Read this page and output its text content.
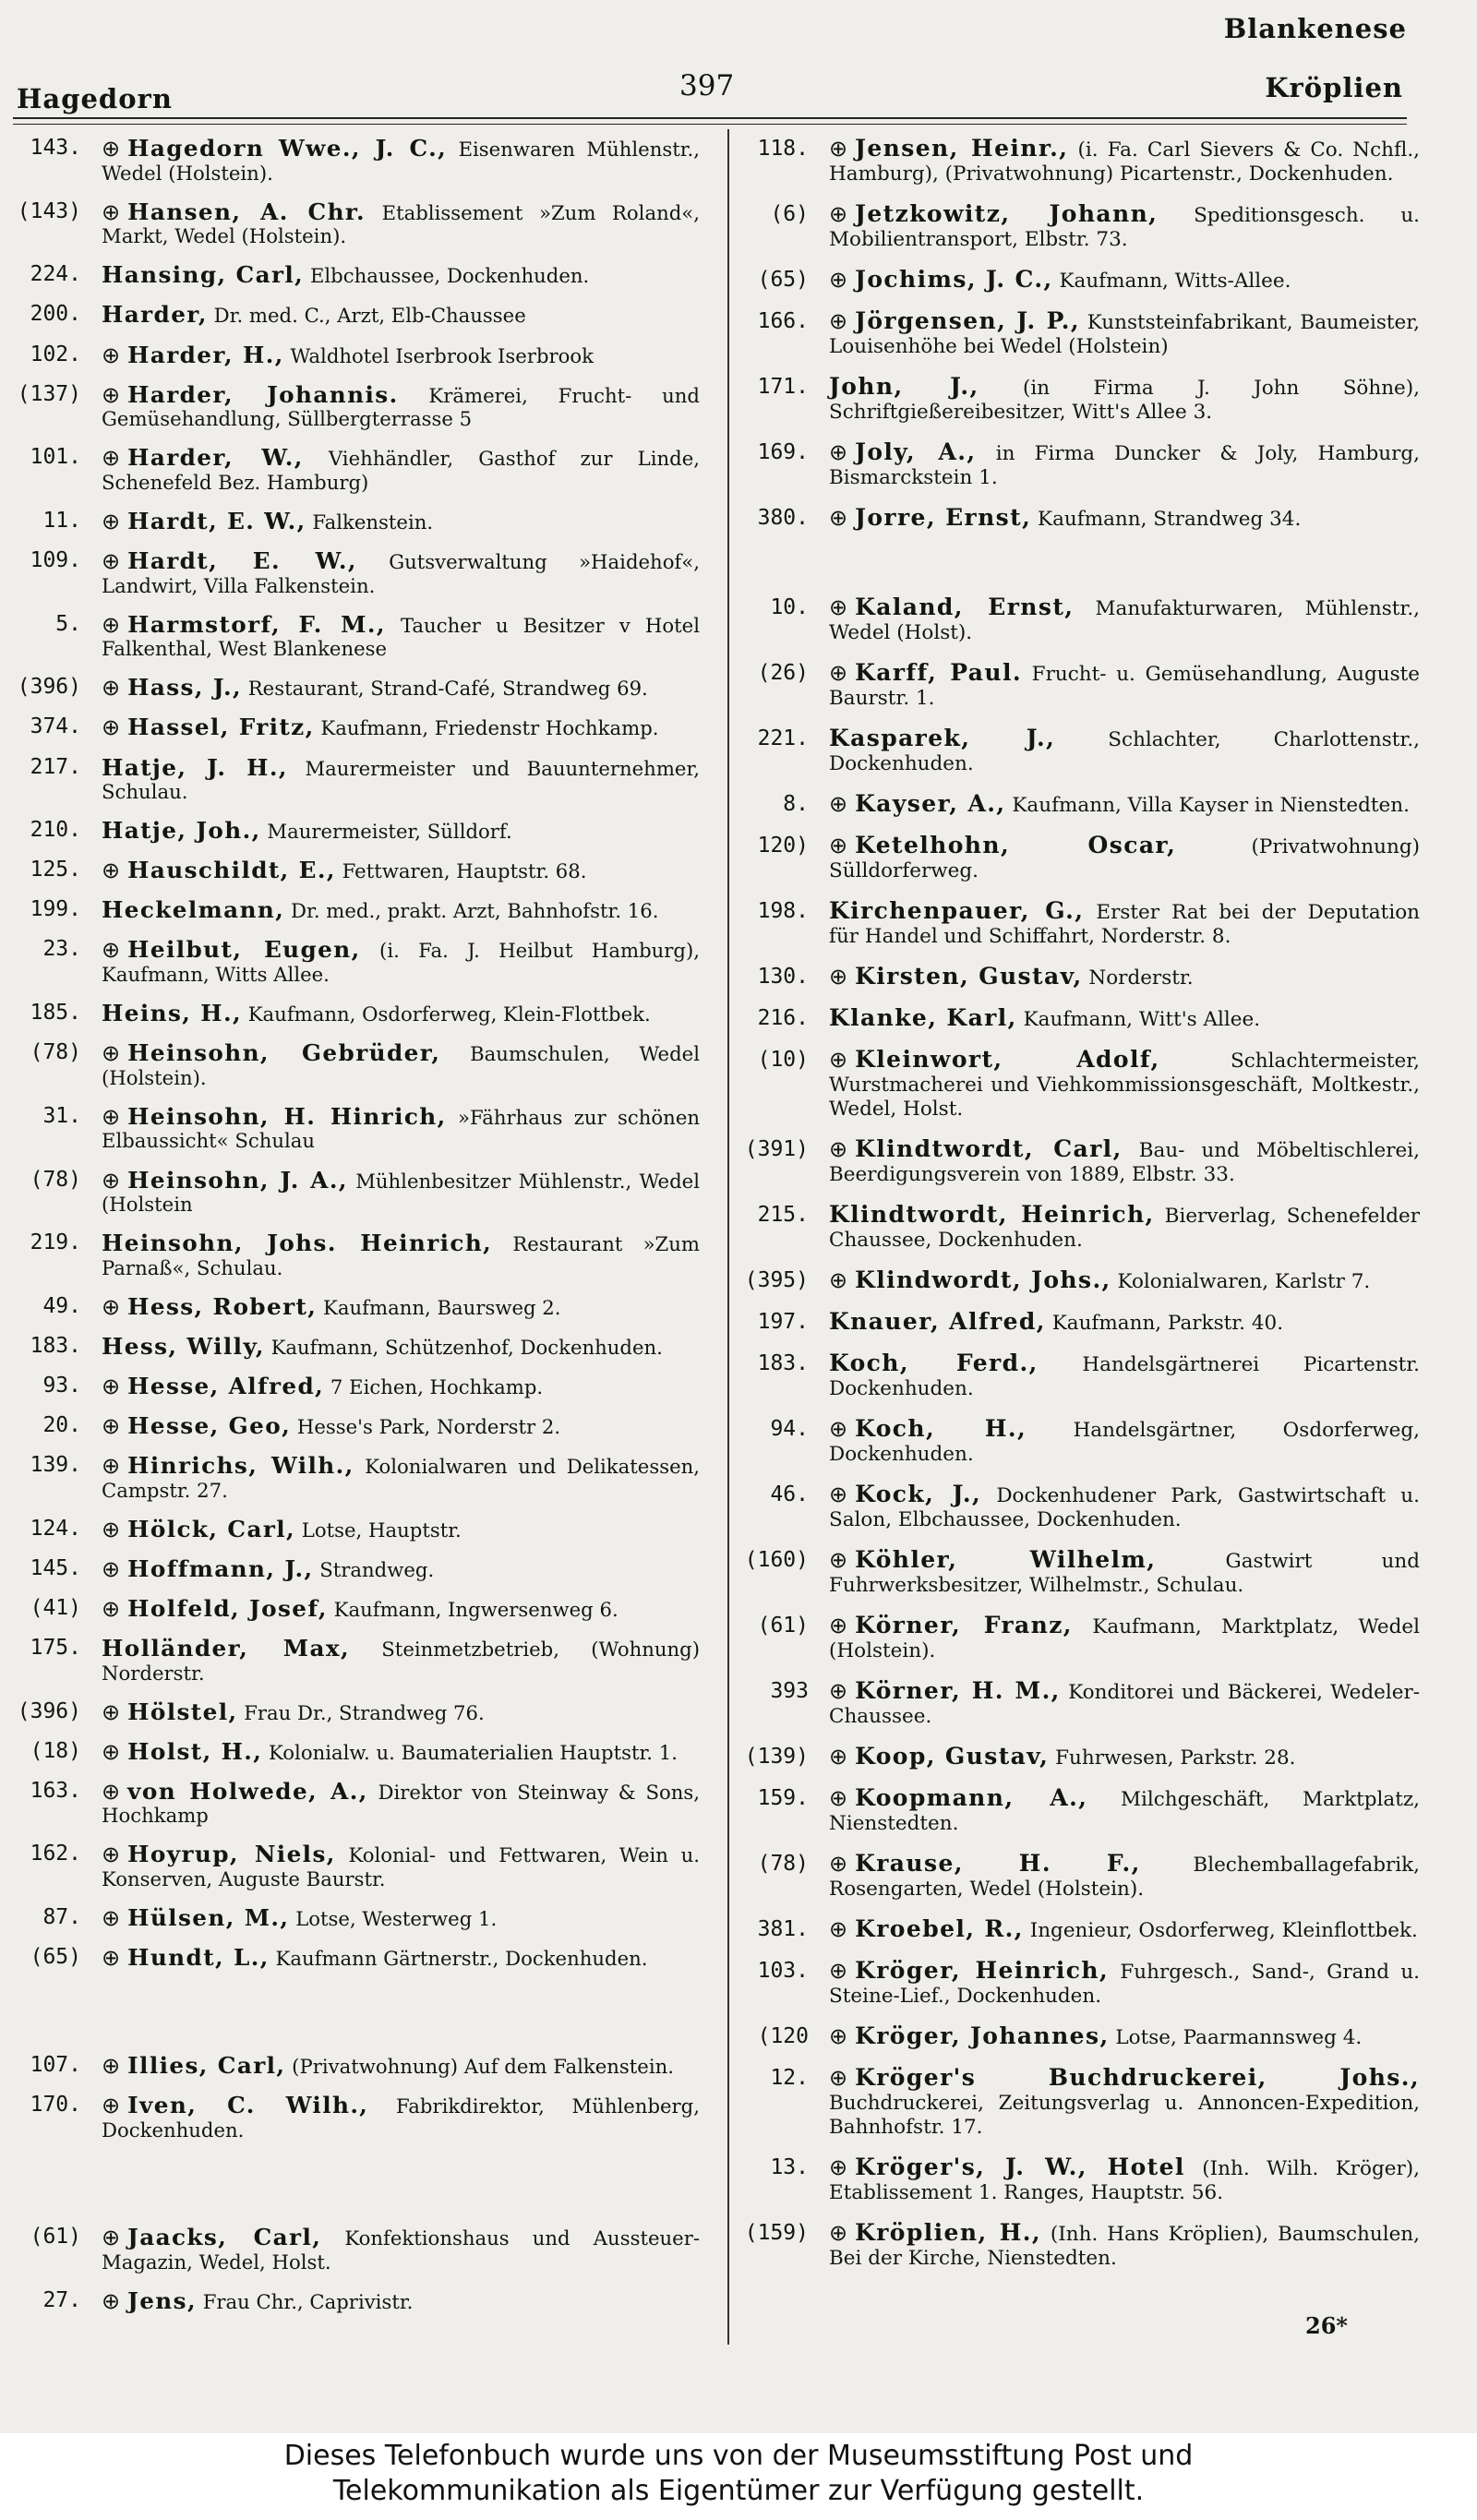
Hagedorn	397
Blankenese
Kröplien
143. ⊕ Hagedorn Wwe., J. C., Eisenwaren Mühlenstr., Wedel (Holstein).
(143) ⊕ Hansen, A. Chr. Etablissement »Zum Roland«, Markt, Wedel (Holstein).
224. Hansing, Carl, Elbchaussee, Dockenhuden.
200. Harder, Dr. med. C., Arzt, Elb-Chaussee
102. ⊕ Harder, H., Waldhotel Iserbrook Iserbrook
(137) ⊕ Harder, Johannis. Krämerei, Frucht- und Gemüsehandlung, Süllbergterrasse 5
101. ⊕ Harder, W., Viehhändler, Gasthof zur Linde, Schenefeld Bez. Hamburg)
11. ⊕ Hardt, E. W., Falkenstein.
109. ⊕ Hardt, E. W., Gutsverwaltung »Haidehof«, Landwirt, Villa Falkenstein.
5. ⊕ Harmstorf, F. M., Taucher u Besitzer v Hotel Falkenthal, West Blankenese
(396) ⊕ Hass, J., Restaurant, Strand-Café, Strandweg 69.
374. ⊕ Hassel, Fritz, Kaufmann, Friedenstr Hochkamp.
217. Hatje, J. H., Maurermeister und Bauunternehmer, Schulau.
210. Hatje, Joh., Maurermeister, Sülldorf.
125. ⊕ Hauschildt, E., Fettwaren, Hauptstr. 68.
199. Heckelmann, Dr. med., prakt. Arzt, Bahnhofstr. 16.
23. ⊕ Heilbut, Eugen, (i. Fa. J. Heilbut Hamburg), Kaufmann, Witts Allee.
185. Heins, H., Kaufmann, Osdorferweg, Klein-Flottbek.
(78) ⊕ Heinsohn, Gebrüder, Baumschulen, Wedel (Holstein).
31. ⊕ Heinsohn, H. Hinrich, »Fährhaus zur schönen Elbaussicht« Schulau
(78) ⊕ Heinsohn, J. A., Mühlenbesitzer Mühlenstr., Wedel (Holstein
219. Heinsohn, Johs. Heinrich, Restaurant »Zum Parnaß«, Schulau.
49. ⊕ Hess, Robert, Kaufmann, Baursweg 2.
183. Hess, Willy, Kaufmann, Schützenhof, Dockenhuden.
93. ⊕ Hesse, Alfred, 7 Eichen, Hochkamp.
20. ⊕ Hesse, Geo, Hesse's Park, Norderstr 2.
139. ⊕ Hinrichs, Wilh., Kolonialwaren und Delikatessen, Campstr. 27.
124. ⊕ Hölck, Carl, Lotse, Hauptstr.
145. ⊕ Hoffmann, J., Strandweg.
(41) ⊕ Holfeld, Josef, Kaufmann, Ingwersenweg 6.
175. Holländer, Max, Steinmetzbetrieb, (Wohnung) Norderstr.
(396) ⊕ Hölstel, Frau Dr., Strandweg 76.
(18) ⊕ Holst, H., Kolonialw. u. Baumaterialien Hauptstr. 1.
163. ⊕ von Holwede, A., Direktor von Steinway & Sons, Hochkamp
162. ⊕ Hoyrup, Niels, Kolonial- und Fettwaren, Wein u. Konserven, Auguste Baurstr.
87. ⊕ Hülsen, M., Lotse, Westerweg 1.
(65) ⊕ Hundt, L., Kaufmann Gärtnerstr., Dockenhuden.
107. ⊕ Illies, Carl, (Privatwohnung) Auf dem Falkenstein.
170. ⊕ Iven, C. Wilh., Fabrikdirektor, Mühlenberg, Dockenhuden.
(61) ⊕ Jaacks, Carl, Konfektionshaus und Aussteuer-Magazin, Wedel, Holst.
27. ⊕ Jens, Frau Chr., Caprivistr.
118. ⊕ Jensen, Heinr., (i. Fa. Carl Sievers & Co. Nchfl., Hamburg), (Privatwohnung) Picartenstr., Dockenhuden.
(6) ⊕ Jetzkowitz, Johann, Speditionsgesch. u. Mobilientransport, Elbstr. 73.
(65) ⊕ Jochims, J. C., Kaufmann, Witts-Allee.
166. ⊕ Jörgensen, J. P., Kunststeinfabrikant, Baumeister, Louisenhöhe bei Wedel (Holstein)
171. John, J., (in Firma J. John Söhne), Schriftgießereibesitzer, Witt's Allee 3.
169. ⊕ Joly, A., in Firma Duncker & Joly, Hamburg, Bismarckstein 1.
380. ⊕ Jorre, Ernst, Kaufmann, Strandweg 34.
10. ⊕ Kaland, Ernst, Manufakturwaren, Mühlenstr., Wedel (Holst).
(26) ⊕ Karff, Paul. Frucht- u. Gemüsehandlung, Auguste Baurstr. 1.
221. Kasparek, J.,	Schlachter, Charlottenstr., Dockenhuden.
8. ⊕ Kayser, A., Kaufmann, Villa Kayser in Nienstedten.
120) ⊕ Ketelhohn, Oscar,	(Privatwohnung) Sülldorferweg.
198. Kirchenpauer, G., Erster Rat bei der Deputation für Handel und Schiffahrt, Norderstr. 8.
130. ⊕ Kirsten, Gustav, Norderstr.
216. Klanke, Karl, Kaufmann, Witt's Allee.
(10) ⊕ Kleinwort, Adolf,	Schlachtermeister, Wurstmacherei und Viehkommissionsgeschäft, Moltkestr., Wedel, Holst.
(391) ⊕ Klindtwordt, Carl, Bau- und Möbeltischlerei, Beerdigungsverein von 1889, Elbstr. 33.
215. Klindtwordt, Heinrich, Bierverlag, Schenefelder Chaussee, Dockenhuden.
(395) ⊕ Klindwordt, Johs., Kolonialwaren, Karlstr 7.
197. Knauer, Alfred, Kaufmann, Parkstr. 40.
183. Koch, Ferd., Handelsgärtnerei Picartenstr. Dockenhuden.
94. ⊕ Koch, H., Handelsgärtner, Osdorferweg, Dockenhuden.
46. ⊕ Kock, J., Dockenhudener Park, Gastwirtschaft u. Salon, Elbchaussee, Dockenhuden.
(160) ⊕ Köhler, Wilhelm,	Gastwirt und Fuhrwerksbesitzer, Wilhelmstr., Schulau.
(61) ⊕ Körner, Franz, Kaufmann, Marktplatz, Wedel (Holstein).
393 ⊕ Körner, H. M., Konditorei und Bäckerei, Wedeler-Chaussee.
(139) ⊕ Koop, Gustav, Fuhrwesen, Parkstr. 28.
159. ⊕ Koopmann, A., Milchgeschäft, Marktplatz, Nienstedten.
(78) ⊕ Krause, H. F.,	Blechemballagefabrik, Rosengarten, Wedel (Holstein).
381. ⊕ Kroebel, R., Ingenieur, Osdorferweg, Kleinflottbek.
103. ⊕ Kröger, Heinrich, Fuhrgesch., Sand-, Grand u. Steine-Lief., Dockenhuden.
(120 ⊕ Kröger, Johannes, Lotse, Paarmannsweg 4.
12. ⊕ Kröger's Buchdruckerei, Johs., Buchdruckerei, Zeitungsverlag u. Annoncen-Expedition, Bahnhofstr. 17.
13. ⊕ Kröger's, J. W., Hotel (Inh. Wilh. Kröger), Etablissement 1. Ranges, Hauptstr. 56.
(159) ⊕ Kröplien, H., (Inh. Hans Kröplien), Baumschulen, Bei der Kirche, Nienstedten.
26*
Dieses Telefonbuch wurde uns von der Museumsstiftung Post und
Telekommunikation als Eigentümer zur Verfügung gestellt.
